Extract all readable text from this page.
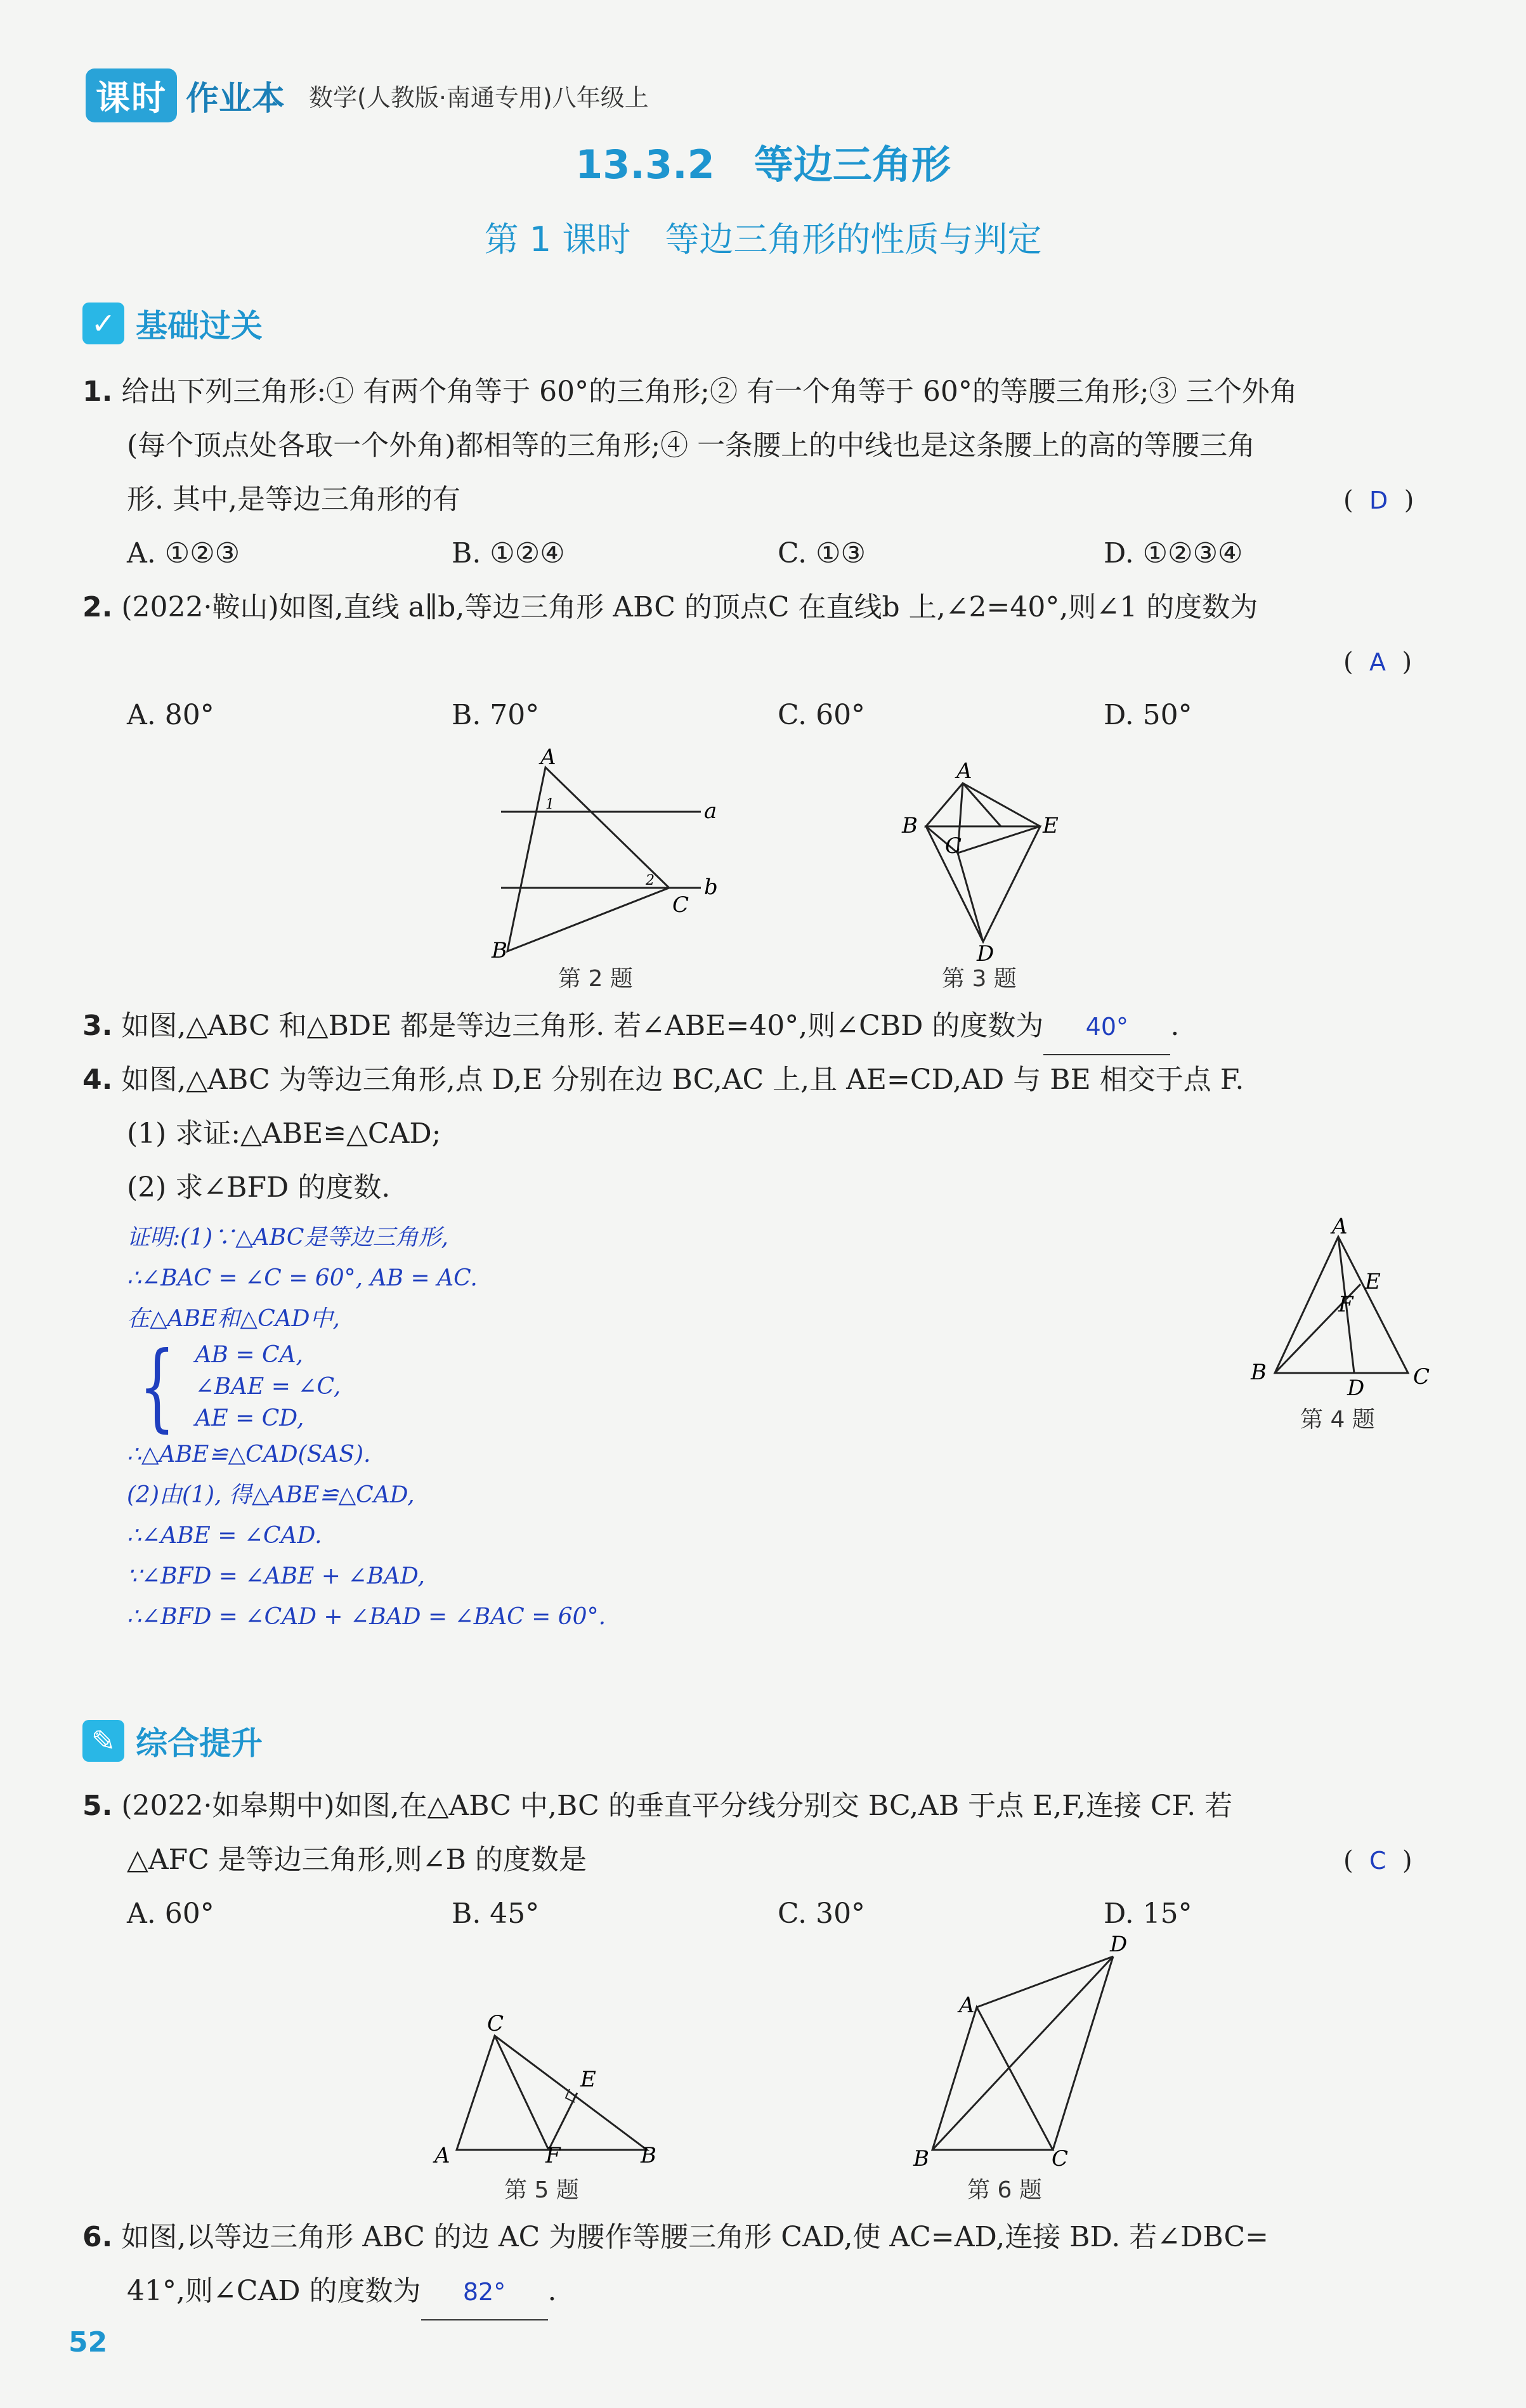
课时 作业本 数学(人教版·南通专用)八年级上
13.3.2　等边三角形
第 1 课时　等边三角形的性质与判定
✓ 基础过关
1. 给出下列三角形:① 有两个角等于 60°的三角形;② 有一个角等于 60°的等腰三角形;③ 三个外角
(每个顶点处各取一个外角)都相等的三角形;④ 一条腰上的中线也是这条腰上的高的等腰三角
形. 其中,是等边三角形的有	(  D  )
A. ①②③	B. ①②④	C. ①③	D. ①②③④
2. (2022·鞍山)如图,直线 a∥b,等边三角形 ABC 的顶点C 在直线b 上,∠2=40°,则∠1 的度数为
(  A  )
A. 80°	B. 70°	C. 60°	D. 50°
A
B
C
a
b
1
2
第 2 题
A
B
C
D
E
第 3 题
3. 如图,△ABC 和△BDE 都是等边三角形. 若∠ABE=40°,则∠CBD 的度数为 40° .
4. 如图,△ABC 为等边三角形,点 D,E 分别在边 BC,AC 上,且 AE=CD,AD 与 BE 相交于点 F.
(1) 求证:△ABE≌△CAD;
(2) 求∠BFD 的度数.
证明:(1)∵△ABC是等边三角形,
∴∠BAC = ∠C = 60°, AB = AC.
在△ABE和△CAD中,
{ AB = CA,
∠BAE = ∠C,
AE = CD,
∴△ABE≌△CAD(SAS).
(2)由(1), 得△ABE≌△CAD,
∴∠ABE = ∠CAD.
∵∠BFD = ∠ABE + ∠BAD,
∴∠BFD = ∠CAD + ∠BAD = ∠BAC = 60°.
A
B	C
D
E
F
第 4 题
✎ 综合提升
5. (2022·如皋期中)如图,在△ABC 中,BC 的垂直平分线分别交 BC,AB 于点 E,F,连接 CF. 若
△AFC 是等边三角形,则∠B 的度数是	(  C  )
A. 60°	B. 45°	C. 30°	D. 15°
C
A	F	B
E
第 5 题
A
B	C
D
第 6 题
6. 如图,以等边三角形 ABC 的边 AC 为腰作等腰三角形 CAD,使 AC=AD,连接 BD. 若∠DBC=
41°,则∠CAD 的度数为 82° .
52
